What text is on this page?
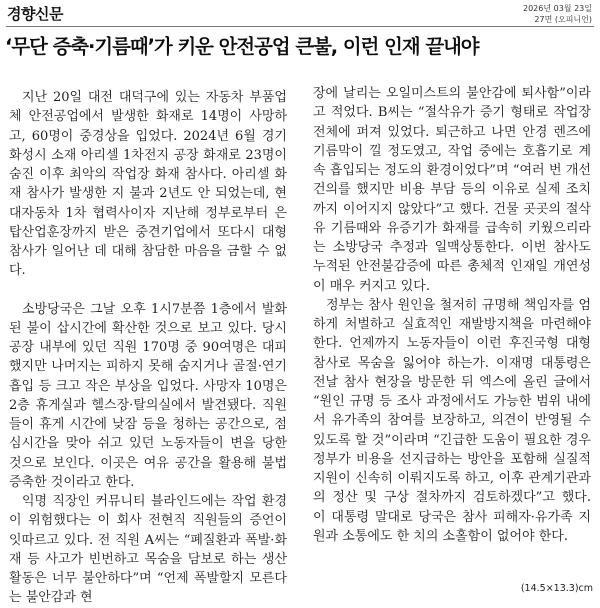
경향신문	2026년 03월 23일
27면 (오피니언)
‘무단 증축·기름때’가 키운 안전공업 큰불, 이런 인재 끝내야

지난 20일 대전 대덕구에 있는 자동차 부품업체 안전공업에서 발생한 화재로 14명이 사망하고, 60명이 중경상을 입었다. 2024년 6월 경기 화성시 소재 아리셀 1차전지 공장 화재로 23명이 숨진 이후 최악의 작업장 화재 참사다. 아리셀 화재 참사가 발생한 지 불과 2년도 안 되었는데, 현대자동차 1차 협력사이자 지난해 정부로부터 은탑산업훈장까지 받은 중견기업에서 또다시 대형 참사가 일어난 데 대해 참담한 마음을 금할 수 없다.

소방당국은 그날 오후 1시7분쯤 1층에서 발화된 불이 삽시간에 확산한 것으로 보고 있다. 당시 공장 내부에 있던 직원 170명 중 90여명은 대피했지만 나머지는 피하지 못해 숨지거나 골절·연기흡입 등 크고 작은 부상을 입었다. 사망자 10명은 2층 휴게실과 헬스장·탈의실에서 발견됐다. 직원들이 휴게 시간에 낮잠 등을 청하는 공간으로, 점심시간을 맞아 쉬고 있던 노동자들이 변을 당한 것으로 보인다. 이곳은 여유 공간을 활용해 불법 증축한 것이라고 한다.

익명 직장인 커뮤니티 블라인드에는 작업 환경이 위험했다는 이 회사 전현직 직원들의 증언이 잇따르고 있다. 전 직원 A씨는 “폐질환과 폭발·화재 등 사고가 빈번하고 목숨을 담보로 하는 생산 활동은 너무 불안하다”며 “언제 폭발할지 모른다는 불안감과 현

장에 날리는 오일미스트의 불안감에 퇴사함”이라고 적었다. B씨는 “절삭유가 증기 형태로 작업장 전체에 퍼져 있었다. 퇴근하고 나면 안경 렌즈에 기름막이 낄 정도였고, 작업 중에는 호흡기로 계속 흡입되는 정도의 환경이었다”며 “여러 번 개선 건의를 했지만 비용 부담 등의 이유로 실제 조치까지 이어지지 않았다”고 했다. 건물 곳곳의 절삭유 기름때와 유증기가 화재를 급속히 키웠으리라는 소방당국 추정과 일맥상통한다. 이번 참사도 누적된 안전불감증에 따른 총체적 인재일 개연성이 매우 커지고 있다.

정부는 참사 원인을 철저히 규명해 책임자를 엄하게 처벌하고 실효적인 재발방지책을 마련해야 한다. 언제까지 노동자들이 이런 후진국형 대형 참사로 목숨을 잃어야 하는가. 이재명 대통령은 전날 참사 현장을 방문한 뒤 엑스에 올린 글에서 “원인 규명 등 조사 과정에서도 가능한 범위 내에서 유가족의 참여를 보장하고, 의견이 반영될 수 있도록 할 것”이라며 “긴급한 도움이 필요한 경우 정부가 비용을 선지급하는 방안을 포함해 실질적 지원이 신속히 이뤄지도록 하고, 이후 관계기관과의 정산 및 구상 절차까지 검토하겠다”고 했다. 이 대통령 말대로 당국은 참사 피해자·유가족 지원과 소통에도 한 치의 소홀함이 없어야 한다.

(14.5×13.3)cm
